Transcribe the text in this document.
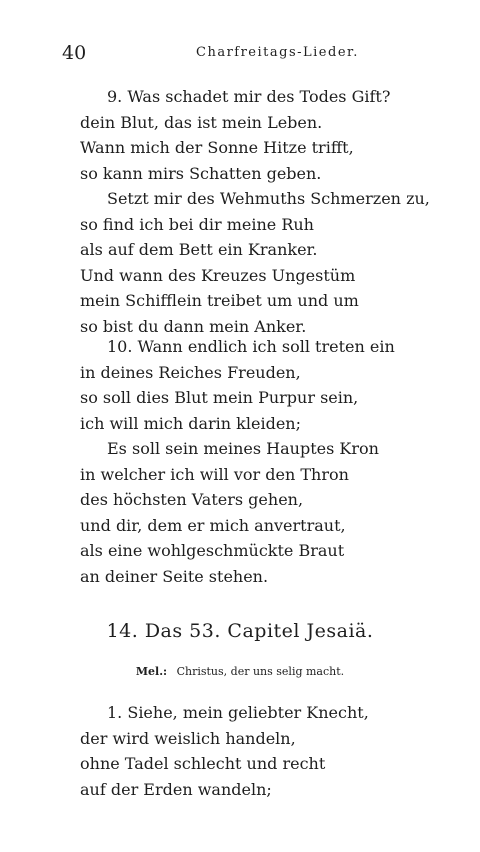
40	Charfreitags-Lieder.
9. Was schadet mir des Todes Gift?
dein Blut, das ist mein Leben.
Wann mich der Sonne Hitze trifft,
so kann mirs Schatten geben.
Setzt mir des Wehmuths Schmerzen zu,
so find ich bei dir meine Ruh
als auf dem Bett ein Kranker.
Und wann des Kreuzes Ungestüm
mein Schifflein treibet um und um
so bist du dann mein Anker.
10. Wann endlich ich soll treten ein
in deines Reiches Freuden,
so soll dies Blut mein Purpur sein,
ich will mich darin kleiden;
Es soll sein meines Hauptes Kron
in welcher ich will vor den Thron
des höchsten Vaters gehen,
und dir, dem er mich anvertraut,
als eine wohlgeschmückte Braut
an deiner Seite stehen.
14. Das 53. Capitel Jesaiä.
Mel.: Christus, der uns selig macht.
1. Siehe, mein geliebter Knecht,
der wird weislich handeln,
ohne Tadel schlecht und recht
auf der Erden wandeln;
